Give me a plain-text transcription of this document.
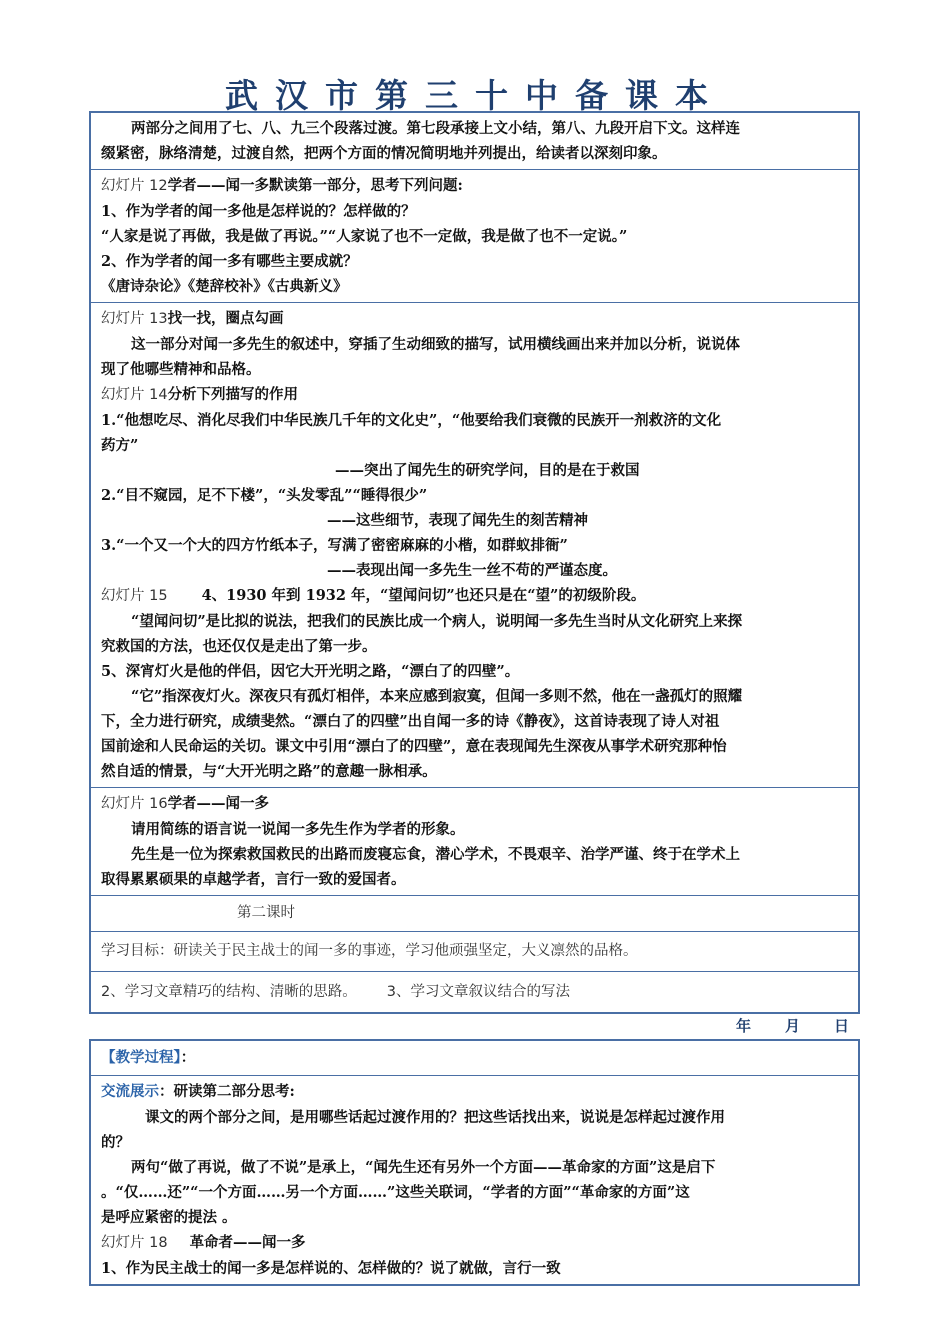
武汉市第三十中备课本
两部分之间用了七、八、九三个段落过渡。第七段承接上文小结，第八、九段开启下文。这样连
缀紧密，脉络清楚，过渡自然，把两个方面的情况简明地并列提出，给读者以深刻印象。
幻灯片 12学者——闻一多默读第一部分，思考下列问题:
1、作为学者的闻一多他是怎样说的？怎样做的？
“人家是说了再做，我是做了再说。”“人家说了也不一定做，我是做了也不一定说。”
2、作为学者的闻一多有哪些主要成就？
《唐诗杂论》《楚辞校补》《古典新义》
幻灯片 13找一找，圈点勾画
这一部分对闻一多先生的叙述中，穿插了生动细致的描写，试用横线画出来并加以分析，说说体
现了他哪些精神和品格。
幻灯片 14分析下列描写的作用
1.“他想吃尽、消化尽我们中华民族几千年的文化史”，“他要给我们衰微的民族开一剂救济的文化
药方”
——突出了闻先生的研究学问，目的是在于救国
2.“目不窥园，足不下楼”，“头发零乱”“睡得很少”
——这些细节，表现了闻先生的刻苦精神
3.“一个又一个大的四方竹纸本子，写满了密密麻麻的小楷，如群蚁排衙”
——表现出闻一多先生一丝不苟的严谨态度。
幻灯片 15 4、1930 年到 1932 年，“望闻问切”也还只是在“望”的初级阶段。
“望闻问切”是比拟的说法，把我们的民族比成一个病人，说明闻一多先生当时从文化研究上来探
究救国的方法，也还仅仅是走出了第一步。
5、深宵灯火是他的伴侣，因它大开光明之路，“漂白了的四壁”。
“它”指深夜灯火。深夜只有孤灯相伴，本来应感到寂寞，但闻一多则不然，他在一盏孤灯的照耀
下，全力进行研究，成绩斐然。“漂白了的四壁”出自闻一多的诗《静夜》，这首诗表现了诗人对祖
国前途和人民命运的关切。课文中引用“漂白了的四壁”，意在表现闻先生深夜从事学术研究那种怡
然自适的情景，与“大开光明之路”的意趣一脉相承。
幻灯片 16学者——闻一多
请用简练的语言说一说闻一多先生作为学者的形象。
先生是一位为探索救国救民的出路而废寝忘食，潜心学术，不畏艰辛、治学严谨、终于在学术上
取得累累硕果的卓越学者，言行一致的爱国者。
第二课时
学习目标：研读关于民主战士的闻一多的事迹，学习他顽强坚定，大义凛然的品格。
2、学习文章精巧的结构、清晰的思路。 3、学习文章叙议结合的写法
年 月 日
【教学过程】：
交流展示：研读第二部分思考:
课文的两个部分之间，是用哪些话起过渡作用的？把这些话找出来，说说是怎样起过渡作用
的？
两句“做了再说，做了不说”是承上，“闻先生还有另外一个方面——革命家的方面”这是启下
。“仅……还”“一个方面……另一个方面……”这些关联词，“学者的方面”“革命家的方面”这
是呼应紧密的提法 。
幻灯片 18 革命者——闻一多
1、作为民主战士的闻一多是怎样说的、怎样做的？说了就做，言行一致
